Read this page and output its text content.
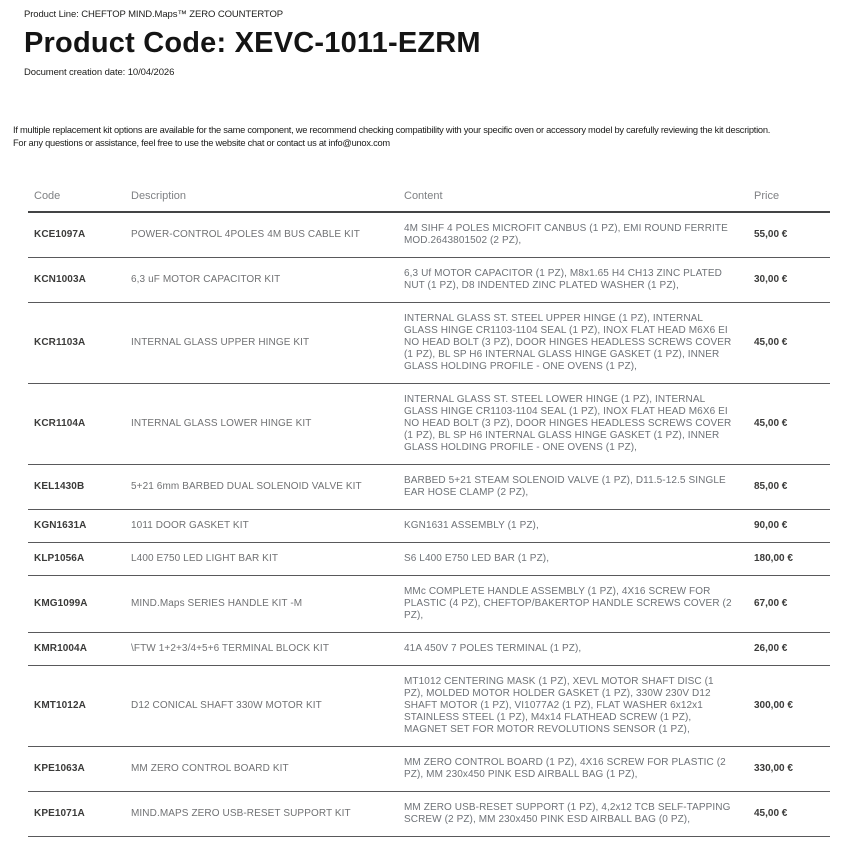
Product Line: CHEFTOP MIND.Maps™ ZERO COUNTERTOP
Product Code: XEVC-1011-EZRM
Document creation date: 10/04/2026
If multiple replacement kit options are available for the same component, we recommend checking compatibility with your specific oven or accessory model by carefully reviewing the kit description.
For any questions or assistance, feel free to use the website chat or contact us at info@unox.com
Code	Description	Content	Price
KCE1097A	POWER-CONTROL 4POLES 4M BUS CABLE KIT	4M SIHF 4 POLES MICROFIT CANBUS (1 PZ), EMI ROUND FERRITE MOD.2643801502 (2 PZ),	55,00 €
KCN1003A	6,3 uF MOTOR CAPACITOR KIT	6,3 Uf MOTOR CAPACITOR (1 PZ), M8x1.65 H4 CH13 ZINC PLATED NUT (1 PZ), D8 INDENTED ZINC PLATED WASHER (1 PZ),	30,00 €
KCR1103A	INTERNAL GLASS UPPER HINGE KIT	INTERNAL GLASS ST. STEEL UPPER HINGE (1 PZ), INTERNAL GLASS HINGE CR1103-1104 SEAL (1 PZ), INOX FLAT HEAD M6X6 EI NO HEAD BOLT (3 PZ), DOOR HINGES HEADLESS SCREWS COVER (1 PZ), BL SP H6 INTERNAL GLASS HINGE GASKET (1 PZ), INNER GLASS HOLDING PROFILE - ONE OVENS (1 PZ),	45,00 €
KCR1104A	INTERNAL GLASS LOWER HINGE KIT	INTERNAL GLASS ST. STEEL LOWER HINGE (1 PZ), INTERNAL GLASS HINGE CR1103-1104 SEAL (1 PZ), INOX FLAT HEAD M6X6 EI NO HEAD BOLT (3 PZ), DOOR HINGES HEADLESS SCREWS COVER (1 PZ), BL SP H6 INTERNAL GLASS HINGE GASKET (1 PZ), INNER GLASS HOLDING PROFILE - ONE OVENS (1 PZ),	45,00 €
KEL1430B	5+21 6mm BARBED DUAL SOLENOID VALVE KIT	BARBED 5+21 STEAM SOLENOID VALVE (1 PZ), D11.5-12.5 SINGLE EAR HOSE CLAMP (2 PZ),	85,00 €
KGN1631A	1011 DOOR GASKET KIT	KGN1631 ASSEMBLY (1 PZ),	90,00 €
KLP1056A	L400 E750 LED LIGHT BAR KIT	S6 L400 E750 LED BAR (1 PZ),	180,00 €
KMG1099A	MIND.Maps SERIES HANDLE KIT -M	MMc COMPLETE HANDLE ASSEMBLY (1 PZ), 4X16 SCREW FOR PLASTIC (4 PZ), CHEFTOP/BAKERTOP HANDLE SCREWS COVER (2 PZ),	67,00 €
KMR1004A	\FTW 1+2+3/4+5+6 TERMINAL BLOCK KIT	41A 450V 7 POLES TERMINAL (1 PZ),	26,00 €
KMT1012A	D12 CONICAL SHAFT 330W MOTOR KIT	MT1012 CENTERING MASK (1 PZ), XEVL MOTOR SHAFT DISC (1 PZ), MOLDED MOTOR HOLDER GASKET (1 PZ), 330W 230V D12 SHAFT MOTOR (1 PZ), VI1077A2 (1 PZ), FLAT WASHER 6x12x1 STAINLESS STEEL (1 PZ), M4x14 FLATHEAD SCREW (1 PZ), MAGNET SET FOR MOTOR REVOLUTIONS SENSOR (1 PZ),	300,00 €
KPE1063A	MM ZERO CONTROL BOARD KIT	MM ZERO CONTROL BOARD (1 PZ), 4X16 SCREW FOR PLASTIC (2 PZ), MM 230x450 PINK ESD AIRBALL BAG (1 PZ),	330,00 €
KPE1071A	MIND.MAPS ZERO USB-RESET SUPPORT KIT	MM ZERO USB-RESET SUPPORT (1 PZ), 4,2x12 TCB SELF-TAPPING SCREW (2 PZ), MM 230x450 PINK ESD AIRBALL BAG (0 PZ),	45,00 €
